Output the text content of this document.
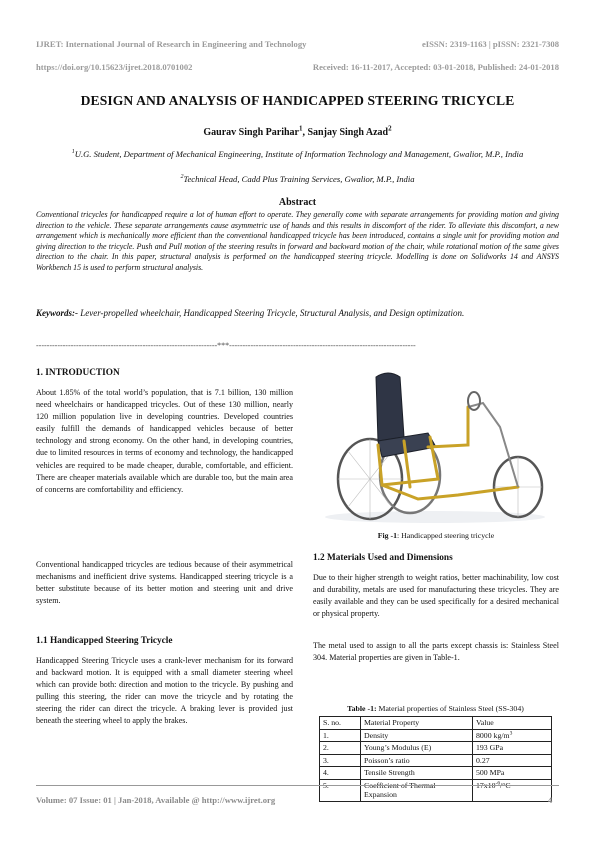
IJRET: International Journal of Research in Engineering and Technology	eISSN: 2319-1163 | pISSN: 2321-7308
https://doi.org/10.15623/ijret.2018.0701002	Received: 16-11-2017, Accepted: 03-01-2018, Published: 24-01-2018
DESIGN AND ANALYSIS OF HANDICAPPED STEERING TRICYCLE
Gaurav Singh Parihar$^1$, Sanjay Singh Azad$^2$
$^1$U.G. Student, Department of Mechanical Engineering, Institute of Information Technology and Management, Gwalior, M.P., India
$^2$Technical Head, Cadd Plus Training Services, Gwalior, M.P., India
Abstract
Conventional tricycles for handicapped require a lot of human effort to operate. They generally come with separate arrangements for providing motion and giving direction to the vehicle. These separate arrangements cause asymmetric use of hands and this results in discomfort of the rider. To alleviate this discomfort, a new arrangement which is mechanically more efficient than the conventional handicapped tricycle has been introduced, contains a single unit for providing motion and giving direction to the tricycle. Push and Pull motion of the steering results in forward and backward motion of the chair, while rotational motion of the same gives direction to the chair. In this paper, structural analysis is performed on the handicapped steering tricycle. Modelling is done on Solidworks 14 and ANSYS Workbench 15 is used to perform structural analysis.
Keywords:- Lever-propelled wheelchair, Handicapped Steering Tricycle, Structural Analysis, and Design optimization.
--------------------------------------------------------------------***----------------------------------------------------------------------
1. INTRODUCTION
About 1.85% of the total world’s population, that is 7.1 billion, 130 million need wheelchairs or handicapped tricycles. Out of these 130 million, nearly 120 million population live in developing countries. Developed countries easily fulfill the demands of handicapped vehicles because of better technology and strong economy. On the other hand, in developing countries, due to limited resources in terms of economy and technology, the handicapped vehicles are required to be made cheaper, durable, comfortable, and efficient. There are cheaper materials available which are durable too, but the main area of concerns are comfortability and efficiency.
Conventional handicapped tricycles are tedious because of their asymmetrical mechanisms and inefficient drive systems. Handicapped steering tricycle is a better substitute because of its better motion and steering unit and drive system.
1.1 Handicapped Steering Tricycle
Handicapped Steering Tricycle uses a crank-lever mechanism for its forward and backward motion. It is equipped with a small diameter steering wheel which can provide both: direction and motion to the tricycle. By pushing and pulling this steering, the rider can move the tricycle and by rotating the steering the rider can direct the tricycle. A braking lever is provided just beneath the steering wheel to apply the brakes.
Fig -1: Handicapped steering tricycle
1.2 Materials Used and Dimensions
Due to their higher strength to weight ratios, better machinability, low cost and durability, metals are used for manufacturing these tricycles. They are easily available and they can be used specifically for a desired mechanical or physical property.
The metal used to assign to all the parts except chassis is: Stainless Steel 304. Material properties are given in Table-1.
Table -1: Material properties of Stainless Steel (SS-304)
S. no.	Material Property	Value
1.	Density	8000 $kg/m^3$
2.	Young’s Modulus (E)	193 GPa
3.	Poisson’s ratio	0.27
4.	Tensile Strength	500 MPa
5.	Coefficient of Thermal Expansion	$17x10^{-6}/^\circ C$
Volume: 07 Issue: 01 | Jan-2018, Available @ http://www.ijret.org	4
